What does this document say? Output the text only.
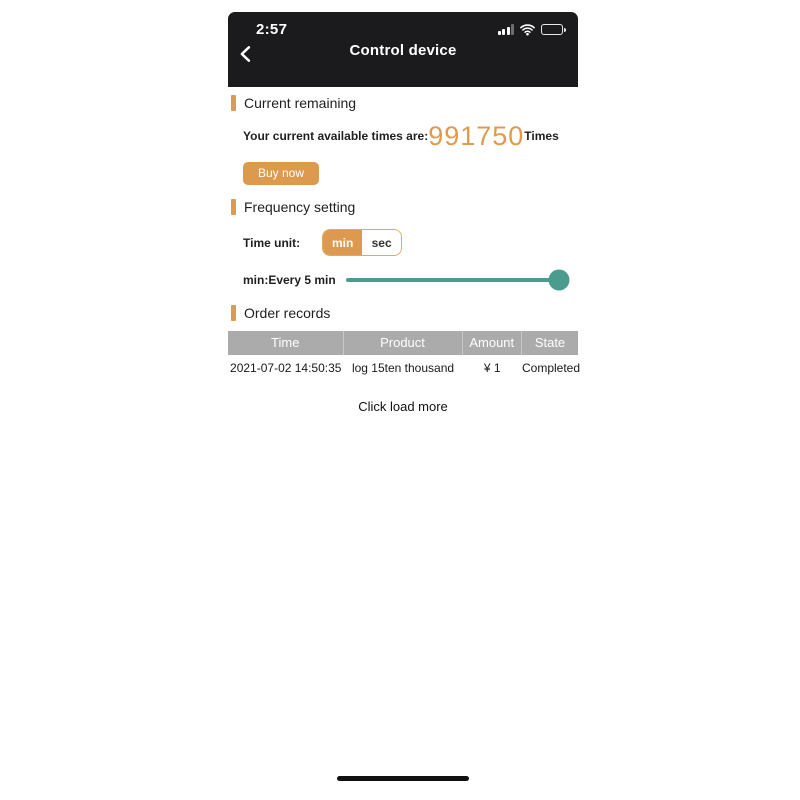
2:57
Control device
Current remaining
Your current available times are: 991750 Times
Buy now
Frequency setting
Time unit:	min	sec
min:Every 5 min
Order records
Time	Product	Amount	State
2021-07-02 14:50:35 log 15ten thousand	¥ 1	Completed
Click load more
